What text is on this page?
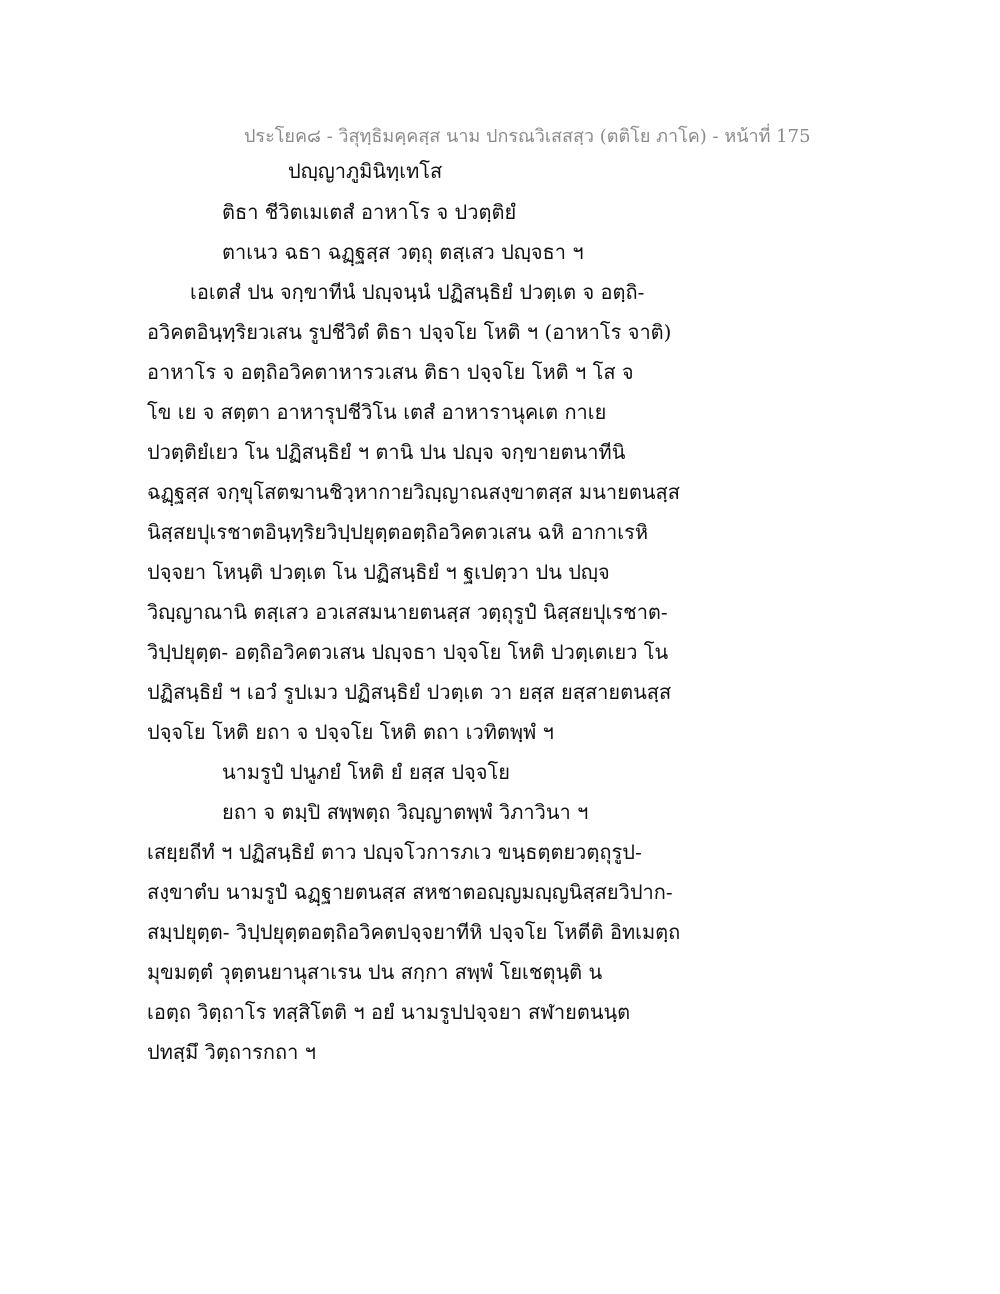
ประโยค๘ - วิสุทฺธิมคฺคสฺส นาม ปกรณวิเสสสฺว (ตติโย ภาโค) - หน้าที่ 175
ปญฺญาภูมินิทฺเทโส
ติธา ชีวิตเมเตสํ อาหาโร จ ปวตฺติยํ
ตาเนว ฉธา ฉฏฺฐสฺส วตฺถุ ตสฺเสว ปญฺจธา ฯ
เอเตสํ ปน จกฺขาทีนํ ปญฺจนฺนํ ปฏิสนฺธิยํ ปวตฺเต จ อตฺถิ-
อวิคตอินฺทฺริยวเสน รูปชีวิตํ ติธา ปจฺจโย โหติ ฯ (อาหาโร จาติ)
อาหาโร จ อตฺถิอวิคตาหารวเสน ติธา ปจฺจโย โหติ ฯ โส จ
โข เย จ สตฺตา อาหารุปชีวิโน เตสํ อาหารานุคเต กาเย
ปวตฺติยํเยว โน ปฏิสนฺธิยํ ฯ ตานิ ปน ปญฺจ จกฺขายตนาทีนิ
ฉฏฺฐสฺส จกฺขุโสตฆานชิวฺหากายวิญฺญาณสงฺขาตสฺส มนายตนสฺส
นิสฺสยปุเรชาตอินฺทฺริยวิปฺปยุตฺตอตฺถิอวิคตวเสน ฉหิ อากาเรหิ
ปจฺจยา โหนฺติ ปวตฺเต โน ปฏิสนฺธิยํ ฯ ฐเปตฺวา ปน ปญฺจ
วิญฺญาณานิ ตสฺเสว อวเสสมนายตนสฺส วตฺถุรูปํ นิสฺสยปุเรชาต-
วิปฺปยุตฺต- อตฺถิอวิคตวเสน ปญฺจธา ปจฺจโย โหติ ปวตฺเตเยว โน
ปฏิสนฺธิยํ ฯ เอวํ รูปเมว ปฏิสนฺธิยํ ปวตฺเต วา ยสฺส ยสฺสายตนสฺส
ปจฺจโย โหติ ยถา จ ปจฺจโย โหติ ตถา เวทิตพฺพํ ฯ
นามรูปํ ปนูภยํ โหติ ยํ ยสฺส ปจฺจโย
ยถา จ ตมฺปิ สพฺพตฺถ วิญฺญาตพฺพํ วิภาวินา ฯ
เสยฺยถีทํ ฯ ปฏิสนฺธิยํ ตาว ปญฺจโวการภเว ขนฺธตฺตยวตฺถุรูป-
สงฺขาตํบ นามรูปํ ฉฏฺฐายตนสฺส สหชาตอญฺญมญฺญนิสฺสยวิปาก-
สมฺปยุตฺต- วิปฺปยุตฺตอตฺถิอวิคตปจฺจยาทีหิ ปจฺจโย โหตีติ อิทเมตฺถ
มุขมตฺตํ วุตฺตนยานุสาเรน ปน สกฺกา สพฺพํ โยเชตุนฺติ น
เอตฺถ วิตฺถาโร ทสฺสิโตติ ฯ อยํ นามรูปปจฺจยา สฬายตนนฺต
ปทสฺมึ วิตฺถารกถา ฯ
